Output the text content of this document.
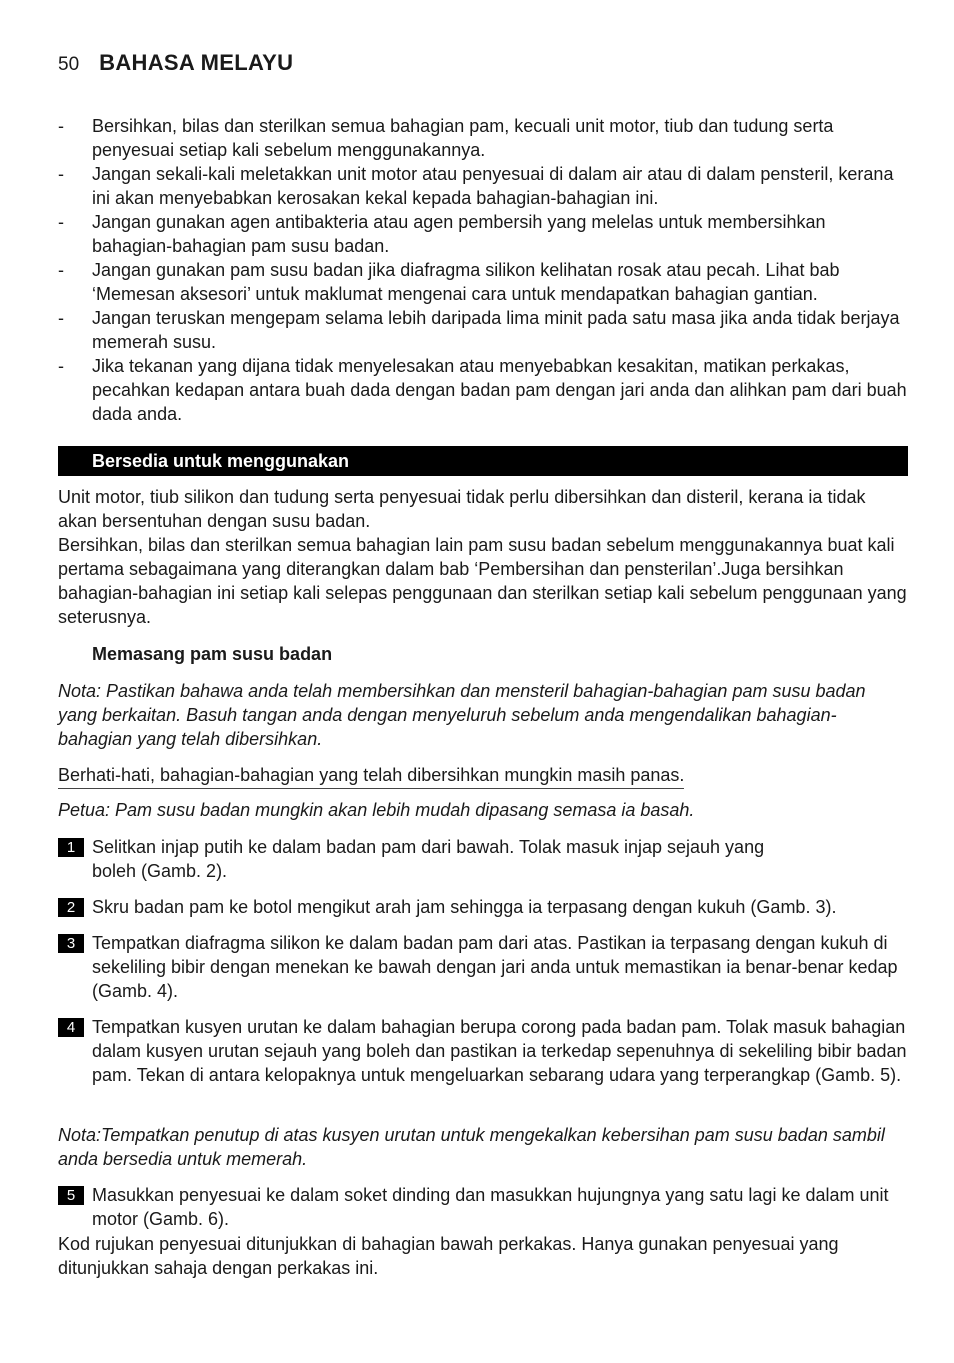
50 BAHASA MELAYU
- Bersihkan, bilas dan sterilkan semua bahagian pam, kecuali unit motor, tiub dan tudung serta penyesuai setiap kali sebelum menggunakannya.
- Jangan sekali-kali meletakkan unit motor atau penyesuai di dalam air atau di dalam pensteril, kerana ini akan menyebabkan kerosakan kekal kepada bahagian-bahagian ini.
- Jangan gunakan agen antibakteria atau agen pembersih yang melelas untuk membersihkan bahagian-bahagian pam susu badan.
- Jangan gunakan pam susu badan jika diafragma silikon kelihatan rosak atau pecah. Lihat bab ‘Memesan aksesori’ untuk maklumat mengenai cara untuk mendapatkan bahagian gantian.
- Jangan teruskan mengepam selama lebih daripada lima minit pada satu masa jika anda tidak berjaya memerah susu.
- Jika tekanan yang dijana tidak menyelesakan atau menyebabkan kesakitan, matikan perkakas, pecahkan kedapan antara buah dada dengan badan pam dengan jari anda dan alihkan pam dari buah dada anda.
Bersedia untuk menggunakan

Unit motor, tiub silikon dan tudung serta penyesuai tidak perlu dibersihkan dan disteril, kerana ia tidak akan bersentuhan dengan susu badan.

Bersihkan, bilas dan sterilkan semua bahagian lain pam susu badan sebelum menggunakannya buat kali pertama sebagaimana yang diterangkan dalam bab ‘Pembersihan dan pensterilan’.Juga bersihkan bahagian-bahagian ini setiap kali selepas penggunaan dan sterilkan setiap kali sebelum penggunaan yang seterusnya.

Memasang pam susu badan

Nota: Pastikan bahawa anda telah membersihkan dan mensteril bahagian-bahagian pam susu badan yang berkaitan. Basuh tangan anda dengan menyeluruh sebelum anda mengendalikan bahagian-bahagian yang telah dibersihkan.

Berhati-hati, bahagian-bahagian yang telah dibersihkan mungkin masih panas.

Petua: Pam susu badan mungkin akan lebih mudah dipasang semasa ia basah.

1 Selitkan injap putih ke dalam badan pam dari bawah. Tolak masuk injap sejauh yang boleh (Gamb. 2).
2 Skru badan pam ke botol mengikut arah jam sehingga ia terpasang dengan kukuh (Gamb. 3).
3 Tempatkan diafragma silikon ke dalam badan pam dari atas. Pastikan ia terpasang dengan kukuh di sekeliling bibir dengan menekan ke bawah dengan jari anda untuk memastikan ia benar-benar kedap (Gamb. 4).
4 Tempatkan kusyen urutan ke dalam bahagian berupa corong pada badan pam. Tolak masuk bahagian dalam kusyen urutan sejauh yang boleh dan pastikan ia terkedap sepenuhnya di sekeliling bibir badan pam. Tekan di antara kelopaknya untuk mengeluarkan sebarang udara yang terperangkap (Gamb. 5).

Nota:Tempatkan penutup di atas kusyen urutan untuk mengekalkan kebersihan pam susu badan sambil anda bersedia untuk memerah.

5 Masukkan penyesuai ke dalam soket dinding dan masukkan hujungnya yang satu lagi ke dalam unit motor (Gamb. 6).

Kod rujukan penyesuai ditunjukkan di bahagian bawah perkakas. Hanya gunakan penyesuai yang ditunjukkan sahaja dengan perkakas ini.
